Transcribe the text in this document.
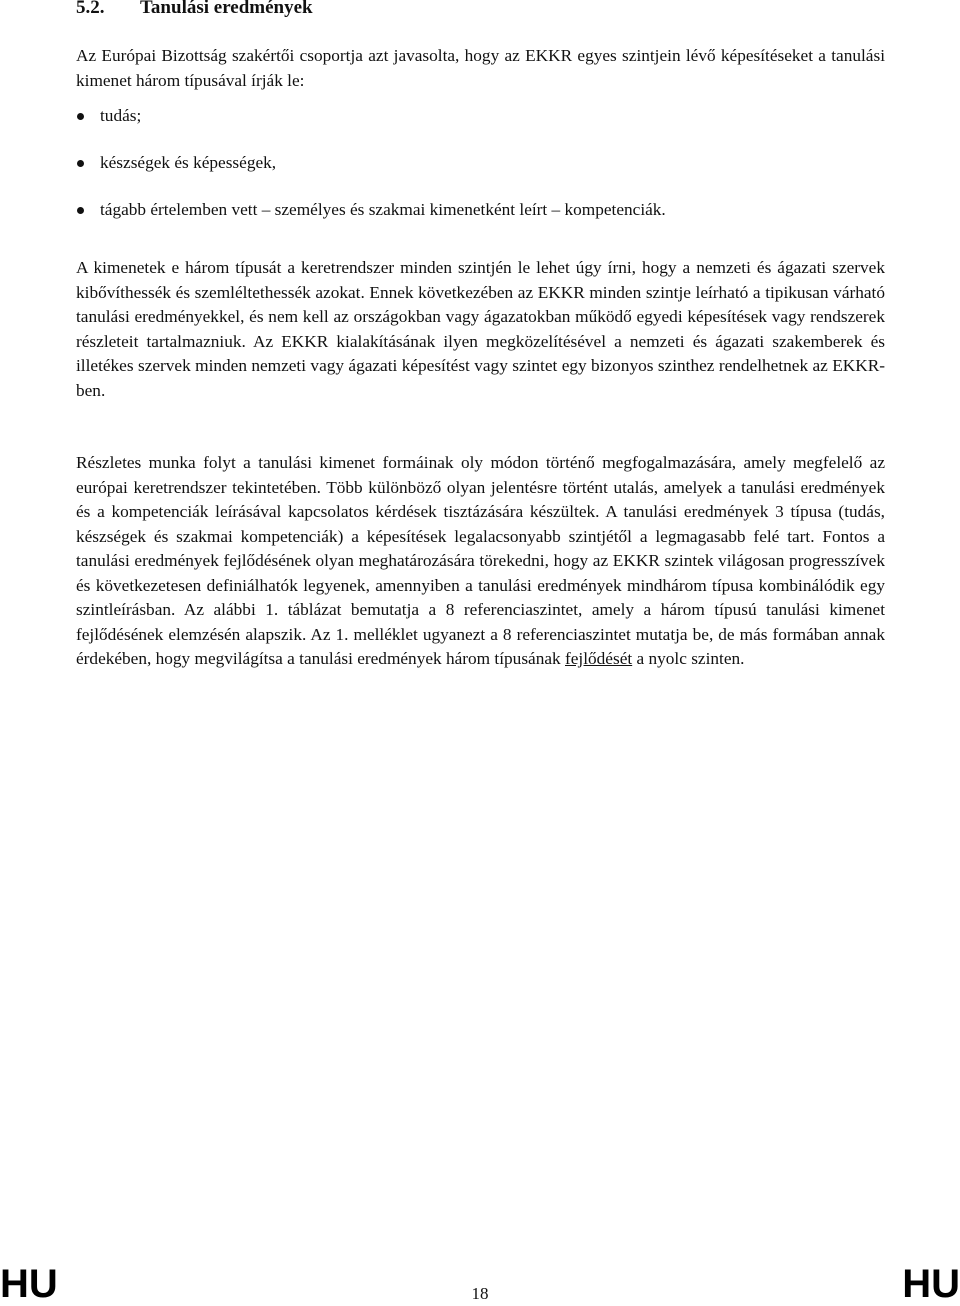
5.2. Tanulási eredmények
Az Európai Bizottság szakértői csoportja azt javasolta, hogy az EKKR egyes szintjein lévő képesítéseket a tanulási kimenet három típusával írják le:
tudás;
készségek és képességek,
tágabb értelemben vett – személyes és szakmai kimenetként leírt – kompetenciák.
A kimenetek e három típusát a keretrendszer minden szintjén le lehet úgy írni, hogy a nemzeti és ágazati szervek kibővíthessék és szemléltethessék azokat. Ennek következében az EKKR minden szintje leírható a tipikusan várható tanulási eredményekkel, és nem kell az országokban vagy ágazatokban működő egyedi képesítések vagy rendszerek részleteit tartalmazniuk. Az EKKR kialakításának ilyen megközelítésével a nemzeti és ágazati szakemberek és illetékes szervek minden nemzeti vagy ágazati képesítést vagy szintet egy bizonyos szinthez rendelhetnek az EKKR-ben.
Részletes munka folyt a tanulási kimenet formáinak oly módon történő megfogalmazására, amely megfelelő az európai keretrendszer tekintetében. Több különböző olyan jelentésre történt utalás, amelyek a tanulási eredmények és a kompetenciák leírásával kapcsolatos kérdések tisztázására készültek. A tanulási eredmények 3 típusa (tudás, készségek és szakmai kompetenciák) a képesítések legalacsonyabb szintjétől a legmagasabb felé tart. Fontos a tanulási eredmények fejlődésének olyan meghatározására törekedni, hogy az EKKR szintek világosan progresszívek és következetesen definiálhatók legyenek, amennyiben a tanulási eredmények mindhárom típusa kombinálódik egy szintleírásban. Az alábbi 1. táblázat bemutatja a 8 referenciaszintet, amely a három típusú tanulási kimenet fejlődésének elemzésén alapszik. Az 1. melléklet ugyanezt a 8 referenciaszintet mutatja be, de más formában annak érdekében, hogy megvilágítsa a tanulási eredmények három típusának fejlődését a nyolc szinten.
HU	18	HU
